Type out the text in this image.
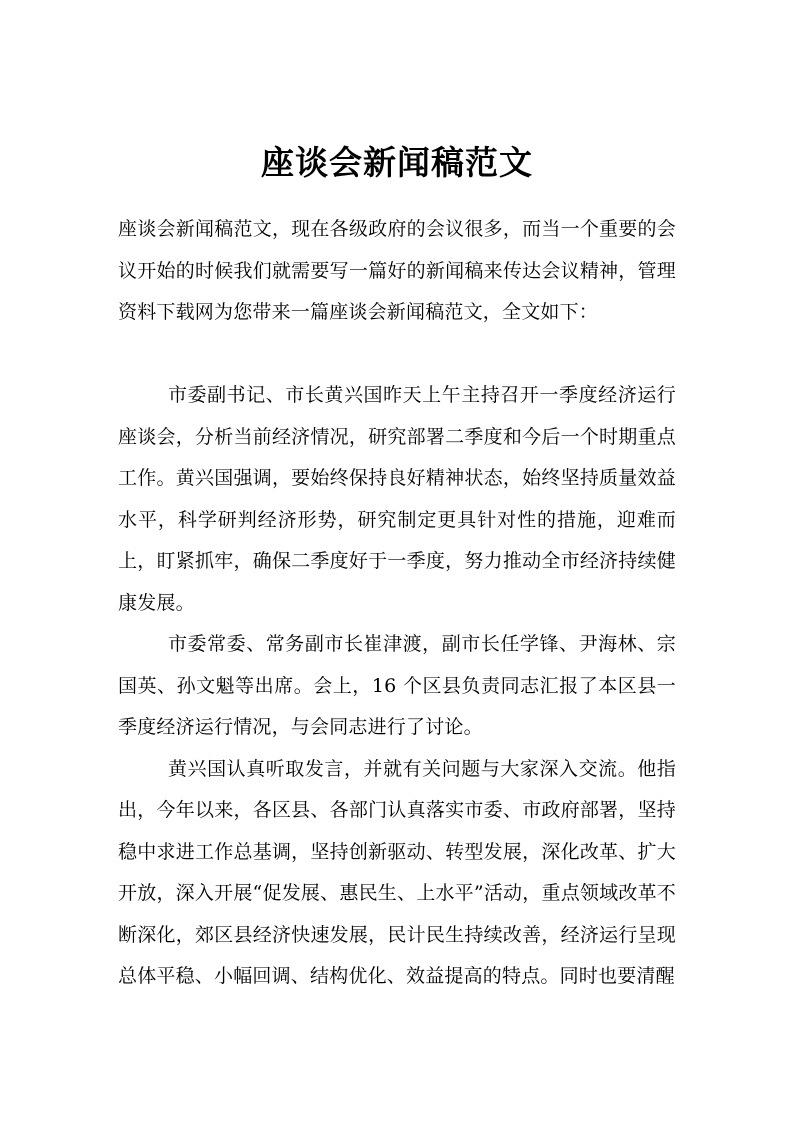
座谈会新闻稿范文

座谈会新闻稿范文，现在各级政府的会议很多，而当一个重要的会议开始的时候我们就需要写一篇好的新闻稿来传达会议精神，管理资料下载网为您带来一篇座谈会新闻稿范文，全文如下：

市委副书记、市长黄兴国昨天上午主持召开一季度经济运行座谈会，分析当前经济情况，研究部署二季度和今后一个时期重点工作。黄兴国强调，要始终保持良好精神状态，始终坚持质量效益水平，科学研判经济形势，研究制定更具针对性的措施，迎难而上，盯紧抓牢，确保二季度好于一季度，努力推动全市经济持续健康发展。

市委常委、常务副市长崔津渡，副市长任学锋、尹海林、宗国英、孙文魁等出席。会上，16 个区县负责同志汇报了本区县一季度经济运行情况，与会同志进行了讨论。

黄兴国认真听取发言，并就有关问题与大家深入交流。他指出，今年以来，各区县、各部门认真落实市委、市政府部署，坚持稳中求进工作总基调，坚持创新驱动、转型发展，深化改革、扩大开放，深入开展“促发展、惠民生、上水平”活动，重点领域改革不断深化，郊区县经济快速发展，民计民生持续改善，经济运行呈现总体平稳、小幅回调、结构优化、效益提高的特点。同时也要清醒
